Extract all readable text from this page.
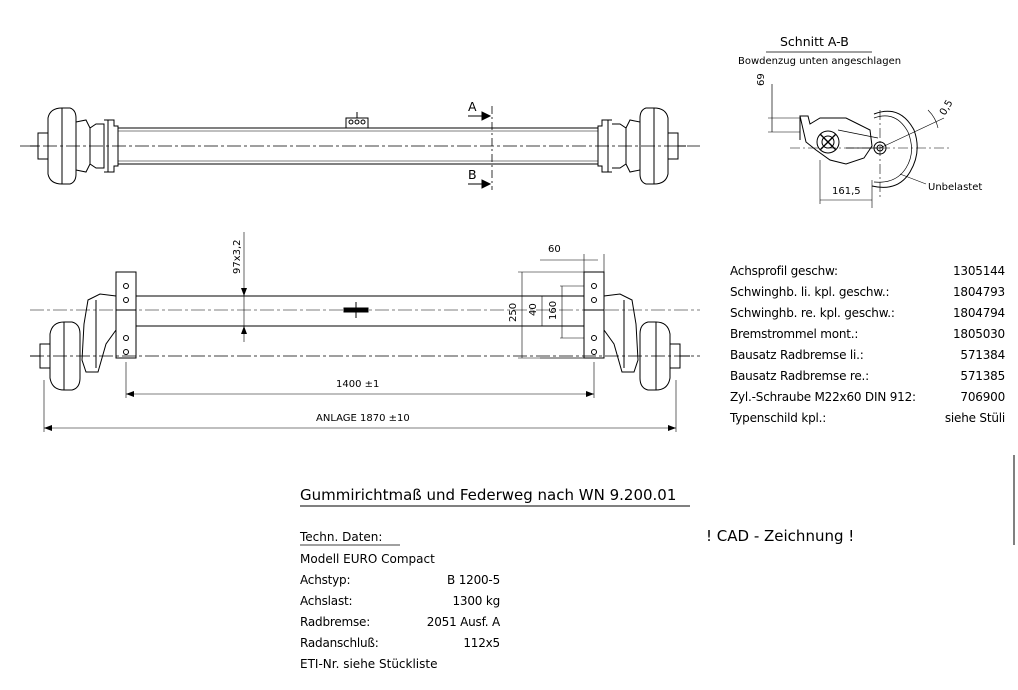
A
B
Schnitt A-B
Bowdenzug unten angeschlagen
69
0,5
161,5	Unbelastet
97x3,2	60
250 40 160
1400 ±1
ANLAGE 1870 ±10
Achsprofil geschw:	1305144
Schwinghb. li. kpl. geschw.:	1804793
Schwinghb. re. kpl. geschw.:	1804794
Bremstrommel mont.:	1805030
Bausatz Radbremse li.:	571384
Bausatz Radbremse re.:	571385
Zyl.-Schraube M22x60 DIN 912:	706900
Typenschild kpl.:	siehe Stüli
Gummirichtmaß und Federweg nach WN 9.200.01
! CAD - Zeichnung !
Techn. Daten:
Modell EURO Compact
Achstyp:	B 1200-5
Achslast:	1300 kg
Radbremse:	2051 Ausf. A
Radanschluß:	112x5
ETI-Nr. siehe Stückliste
